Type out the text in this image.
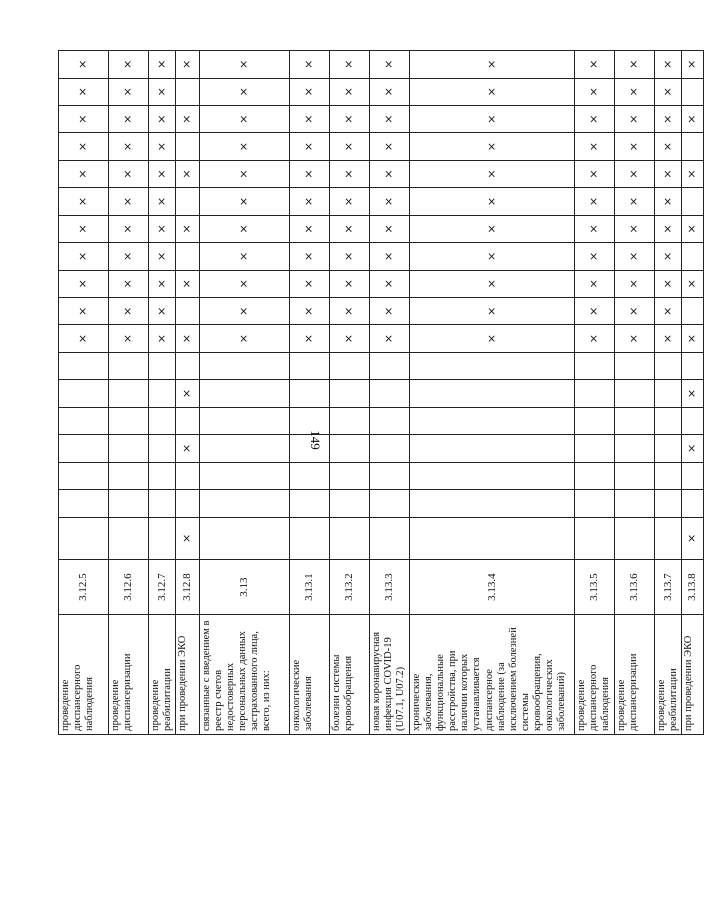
149
проведение диспансерного наблюдения	3.12.5								×	×	×	×	×	×	×	×	×	×	×
проведение диспансеризации	3.12.6								×	×	×	×	×	×	×	×	×	×	×
проведение реабилитации	3.12.7								×	×	×	×	×	×	×	×	×	×	×
при проведении ЭКО	3.12.8	×			×		×		×		×		×		×		×		×
связанные с введением в реестр счетов недостоверных персональных данных застрахованного лица, всего, из них:	3.13								×	×	×	×	×	×	×	×	×	×	×
онкологические заболевания	3.13.1								×	×	×	×	×	×	×	×	×	×	×
болезни системы кровообращения	3.13.2								×	×	×	×	×	×	×	×	×	×	×
новая коронавирусная инфекция COVID-19 (U07.1, U07.2)	3.13.3								×	×	×	×	×	×	×	×	×	×	×
хронические заболевания, функциональные расстройства, при наличии которых устанавливается диспансерное наблюдение (за исключением болезней системы кровообращения, онкологических заболеваний)	3.13.4								×	×	×	×	×	×	×	×	×	×	×
проведение диспансерного наблюдения	3.13.5								×	×	×	×	×	×	×	×	×	×	×
проведение диспансеризации	3.13.6								×	×	×	×	×	×	×	×	×	×	×
проведение реабилитации	3.13.7								×	×	×	×	×	×	×	×	×	×	×
при проведении ЭКО	3.13.8	×			×		×		×		×		×		×		×		×
